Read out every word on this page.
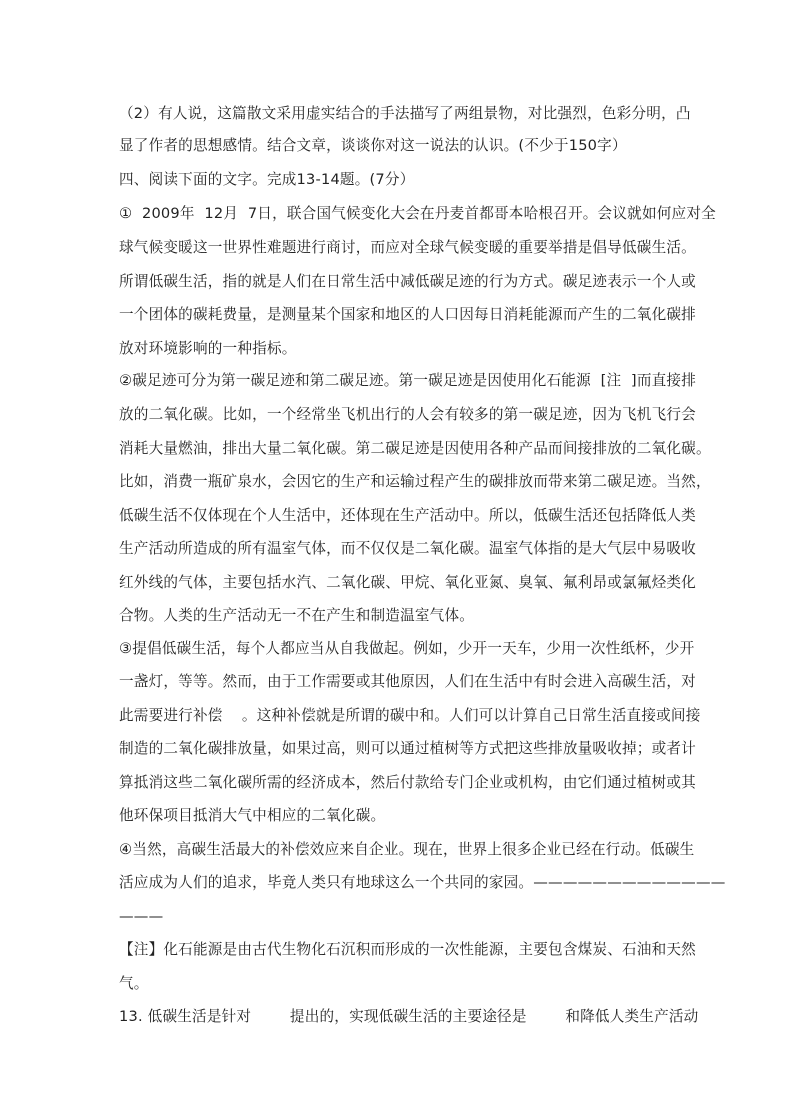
（2）有人说，这篇散文采用虚实结合的手法描写了两组景物，对比强烈，色彩分明，凸
显了作者的思想感情。结合文章，谈谈你对这一说法的认识。(不少于150字）
四、阅读下面的文字。完成13-14题。(7分）
①  2009年  12月  7日，联合国气候变化大会在丹麦首都哥本哈根召开。会议就如何应对全
球气候变暖这一世界性难题进行商讨，而应对全球气候变暖的重要举措是倡导低碳生活。
所谓低碳生活，指的就是人们在日常生活中减低碳足迹的行为方式。碳足迹表示一个人或
一个团体的碳耗费量，是测量某个国家和地区的人口因每日消耗能源而产生的二氧化碳排
放对环境影响的一种指标。
②碳足迹可分为第一碳足迹和第二碳足迹。第一碳足迹是因使用化石能源  [注  ]而直接排
放的二氧化碳。比如，一个经常坐飞机出行的人会有较多的第一碳足迹，因为飞机飞行会
消耗大量燃油，排出大量二氧化碳。第二碳足迹是因使用各种产品而间接排放的二氧化碳。
比如，消费一瓶矿泉水，会因它的生产和运输过程产生的碳排放而带来第二碳足迹。当然，
低碳生活不仅体现在个人生活中，还体现在生产活动中。所以，低碳生活还包括降低人类
生产活动所造成的所有温室气体，而不仅仅是二氧化碳。温室气体指的是大气层中易吸收
红外线的气体，主要包括水汽、二氧化碳、甲烷、氧化亚氮、臭氧、氟利昂或氯氟烃类化
合物。人类的生产活动无一不在产生和制造温室气体。
③提倡低碳生活，每个人都应当从自我做起。例如，少开一天车，少用一次性纸杯，少开
一盏灯，等等。然而，由于工作需要或其他原因，人们在生活中有时会进入高碳生活，对
此需要进行补偿    。这种补偿就是所谓的碳中和。人们可以计算自己日常生活直接或间接
制造的二氧化碳排放量，如果过高，则可以通过植树等方式把这些排放量吸收掉；或者计
算抵消这些二氧化碳所需的经济成本，然后付款给专门企业或机构，由它们通过植树或其
他环保项目抵消大气中相应的二氧化碳。
④当然，高碳生活最大的补偿效应来自企业。现在，世界上很多企业已经在行动。低碳生
活应成为人们的追求，毕竟人类只有地球这么一个共同的家园。—————————————
———
【注】化石能源是由古代生物化石沉积而形成的一次性能源，主要包含煤炭、石油和天然
气。
13. 低碳生活是针对        提出的，实现低碳生活的主要途径是        和降低人类生产活动
